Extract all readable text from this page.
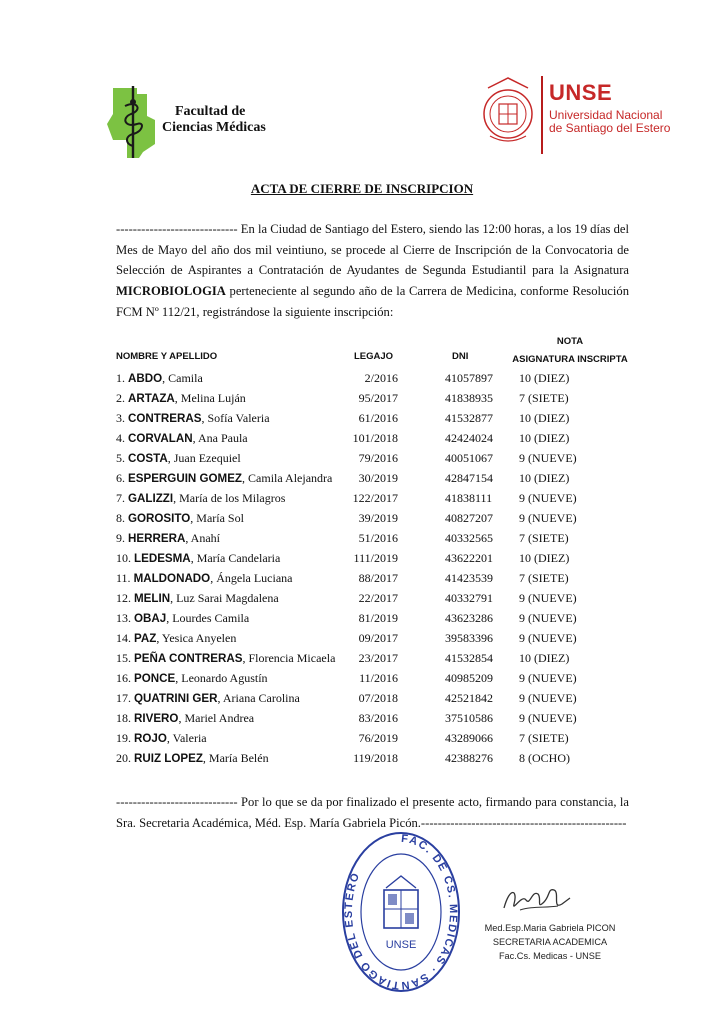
Facultad de
Ciencias Médicas
UNSE
Universidad Nacional
de Santiago del Estero
ACTA DE CIERRE DE INSCRIPCION
----------------------------- En la Ciudad de Santiago del Estero, siendo las 12:00 horas, a los 19 días del Mes de Mayo del año dos mil veintiuno, se procede al Cierre de Inscripción de la Convocatoria de Selección de Aspirantes a Contratación de Ayudantes de Segunda Estudiantil para la Asignatura MICROBIOLOGIA perteneciente al segundo año de la Carrera de Medicina, conforme Resolución FCM Nº 112/21, registrándose la siguiente inscripción:
NOMBRE Y APELLIDO	LEGAJO	DNI
NOTA
ASIGNATURA INSCRIPTA
1. ABDO, Camila	2/2016	41057897 10 (DIEZ)
2. ARTAZA, Melina Luján	95/2017	41838935 7 (SIETE)
3. CONTRERAS, Sofía Valeria	61/2016	41532877 10 (DIEZ)
4. CORVALAN, Ana Paula	101/2018	42424024 10 (DIEZ)
5. COSTA, Juan Ezequiel	79/2016	40051067 9 (NUEVE)
6. ESPERGUIN GOMEZ, Camila Alejandra 30/2019	42847154 10 (DIEZ)
7. GALIZZI, María de los Milagros	122/2017	41838111 9 (NUEVE)
8. GOROSITO, María Sol	39/2019	40827207 9 (NUEVE)
9. HERRERA, Anahí	51/2016	40332565 7 (SIETE)
10. LEDESMA, María Candelaria	111/2019	43622201 10 (DIEZ)
11. MALDONADO, Ángela Luciana	88/2017	41423539 7 (SIETE)
12. MELIN, Luz Sarai Magdalena	22/2017	40332791 9 (NUEVE)
13. OBAJ, Lourdes Camila	81/2019	43623286 9 (NUEVE)
14. PAZ, Yesica Anyelen	09/2017	39583396 9 (NUEVE)
15. PEÑA CONTRERAS, Florencia Micaela 23/2017	41532854 10 (DIEZ)
16. PONCE, Leonardo Agustín	11/2016	40985209 9 (NUEVE)
17. QUATRINI GER, Ariana Carolina	07/2018	42521842 9 (NUEVE)
18. RIVERO, Mariel Andrea	83/2016	37510586 9 (NUEVE)
19. ROJO, Valeria	76/2019	43289066 7 (SIETE)
20. RUIZ LOPEZ, María Belén	119/2018	42388276 8 (OCHO)
----------------------------- Por lo que se da por finalizado el presente acto, firmando para constancia, la Sra. Secretaria Académica, Méd. Esp. María Gabriela Picón.-------------------------------------------------
FAC. DE CS. MÉDICAS · SANTIAGO DEL ESTERO
UNSE
Med.Esp.Maria Gabriela PICON
SECRETARIA ACADEMICA
Fac.Cs. Medicas - UNSE
